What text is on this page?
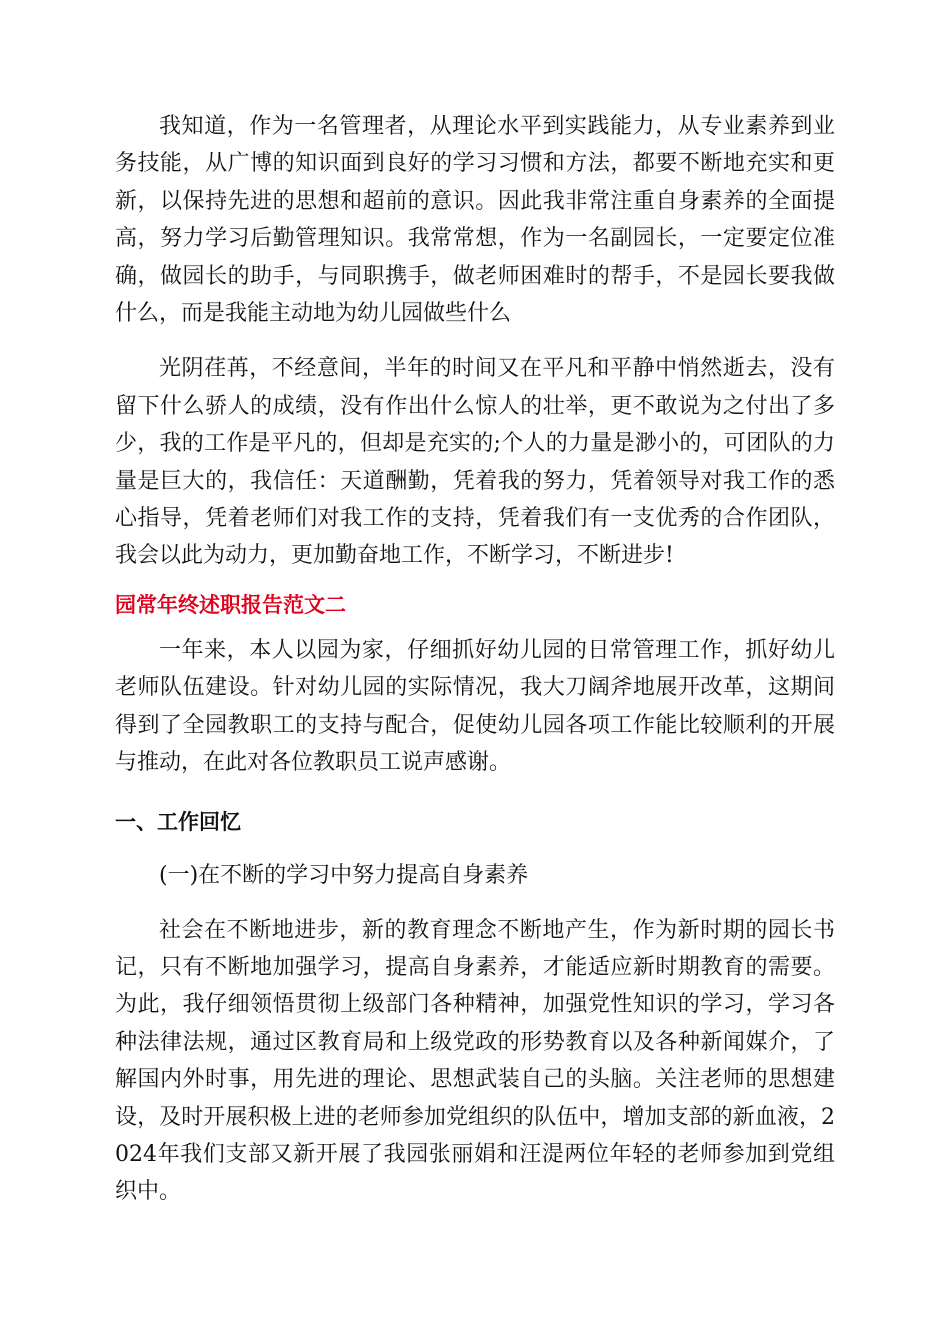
我知道，作为一名管理者，从理论水平到实践能力，从专业素养到业务技能，从广博的知识面到良好的学习习惯和方法，都要不断地充实和更新，以保持先进的思想和超前的意识。因此我非常注重自身素养的全面提高，努力学习后勤管理知识。我常常想，作为一名副园长，一定要定位准确，做园长的助手，与同职携手，做老师困难时的帮手，不是园长要我做什么，而是我能主动地为幼儿园做些什么

光阴荏苒，不经意间，半年的时间又在平凡和平静中悄然逝去，没有留下什么骄人的成绩，没有作出什么惊人的壮举，更不敢说为之付出了多少，我的工作是平凡的，但却是充实的;个人的力量是渺小的，可团队的力量是巨大的，我信任：天道酬勤，凭着我的努力，凭着领导对我工作的悉心指导，凭着老师们对我工作的支持，凭着我们有一支优秀的合作团队，我会以此为动力，更加勤奋地工作，不断学习，不断进步!

园常年终述职报告范文二

一年来，本人以园为家，仔细抓好幼儿园的日常管理工作，抓好幼儿老师队伍建设。针对幼儿园的实际情况，我大刀阔斧地展开改革，这期间得到了全园教职工的支持与配合，促使幼儿园各项工作能比较顺利的开展与推动，在此对各位教职员工说声感谢。

一、工作回忆

(一)在不断的学习中努力提高自身素养

社会在不断地进步，新的教育理念不断地产生，作为新时期的园长书记，只有不断地加强学习，提高自身素养，才能适应新时期教育的需要。为此，我仔细领悟贯彻上级部门各种精神，加强党性知识的学习，学习各种法律法规，通过区教育局和上级党政的形势教育以及各种新闻媒介，了解国内外时事，用先进的理论、思想武装自己的头脑。关注老师的思想建设，及时开展积极上进的老师参加党组织的队伍中，增加支部的新血液，2024年我们支部又新开展了我园张丽娟和汪湜两位年轻的老师参加到党组织中。
